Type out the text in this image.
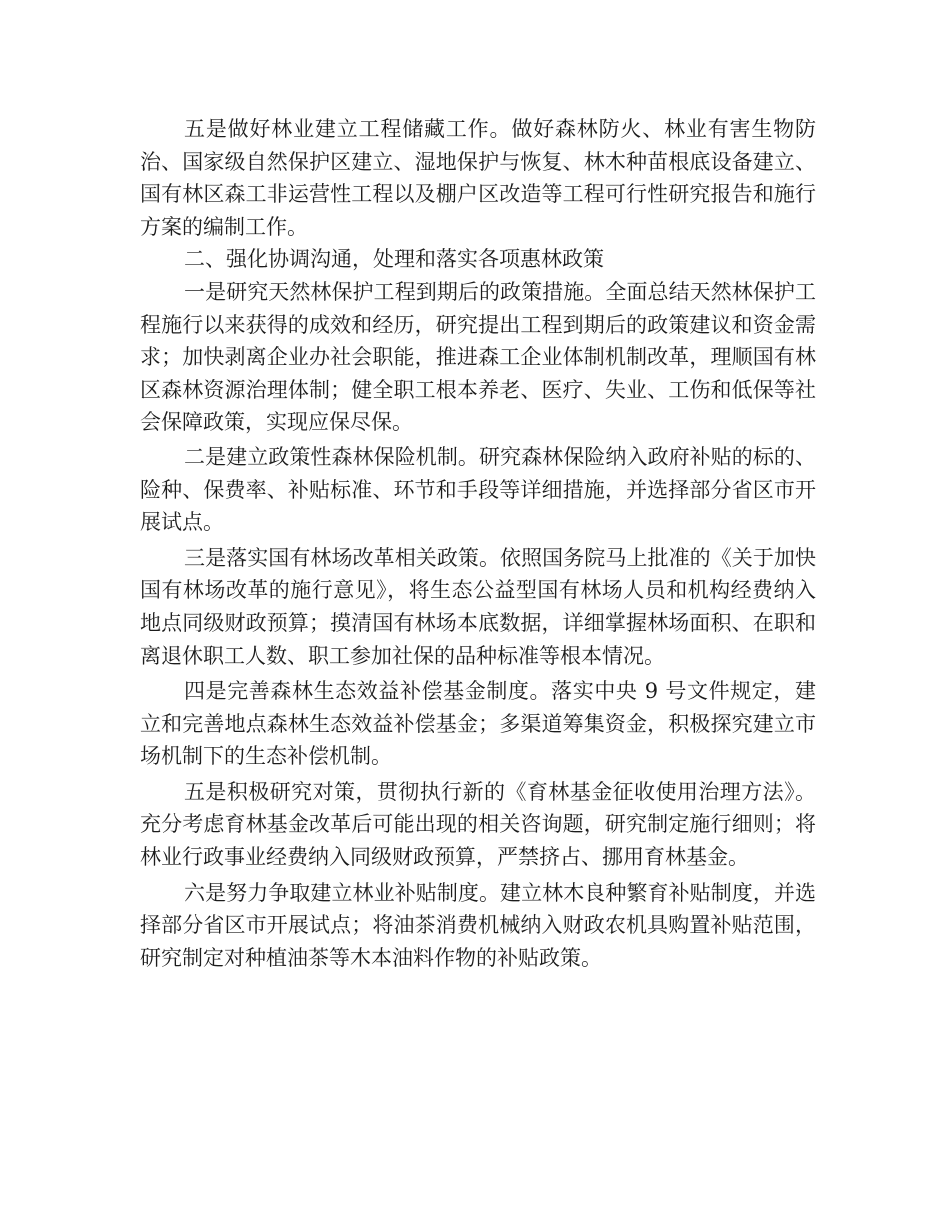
五是做好林业建立工程储藏工作。做好森林防火、林业有害生物防治、国家级自然保护区建立、湿地保护与恢复、林木种苗根底设备建立、国有林区森工非运营性工程以及棚户区改造等工程可行性研究报告和施行方案的编制工作。

二、强化协调沟通，处理和落实各项惠林政策

一是研究天然林保护工程到期后的政策措施。全面总结天然林保护工程施行以来获得的成效和经历，研究提出工程到期后的政策建议和资金需求；加快剥离企业办社会职能，推进森工企业体制机制改革，理顺国有林区森林资源治理体制；健全职工根本养老、医疗、失业、工伤和低保等社会保障政策，实现应保尽保。

二是建立政策性森林保险机制。研究森林保险纳入政府补贴的标的、险种、保费率、补贴标准、环节和手段等详细措施，并选择部分省区市开展试点。

三是落实国有林场改革相关政策。依照国务院马上批准的《关于加快国有林场改革的施行意见》，将生态公益型国有林场人员和机构经费纳入地点同级财政预算；摸清国有林场本底数据，详细掌握林场面积、在职和离退休职工人数、职工参加社保的品种标准等根本情况。

四是完善森林生态效益补偿基金制度。落实中央 9 号文件规定，建立和完善地点森林生态效益补偿基金；多渠道筹集资金，积极探究建立市场机制下的生态补偿机制。

五是积极研究对策，贯彻执行新的《育林基金征收使用治理方法》。充分考虑育林基金改革后可能出现的相关咨询题，研究制定施行细则；将林业行政事业经费纳入同级财政预算，严禁挤占、挪用育林基金。

六是努力争取建立林业补贴制度。建立林木良种繁育补贴制度，并选择部分省区市开展试点；将油茶消费机械纳入财政农机具购置补贴范围，研究制定对种植油茶等木本油料作物的补贴政策。
